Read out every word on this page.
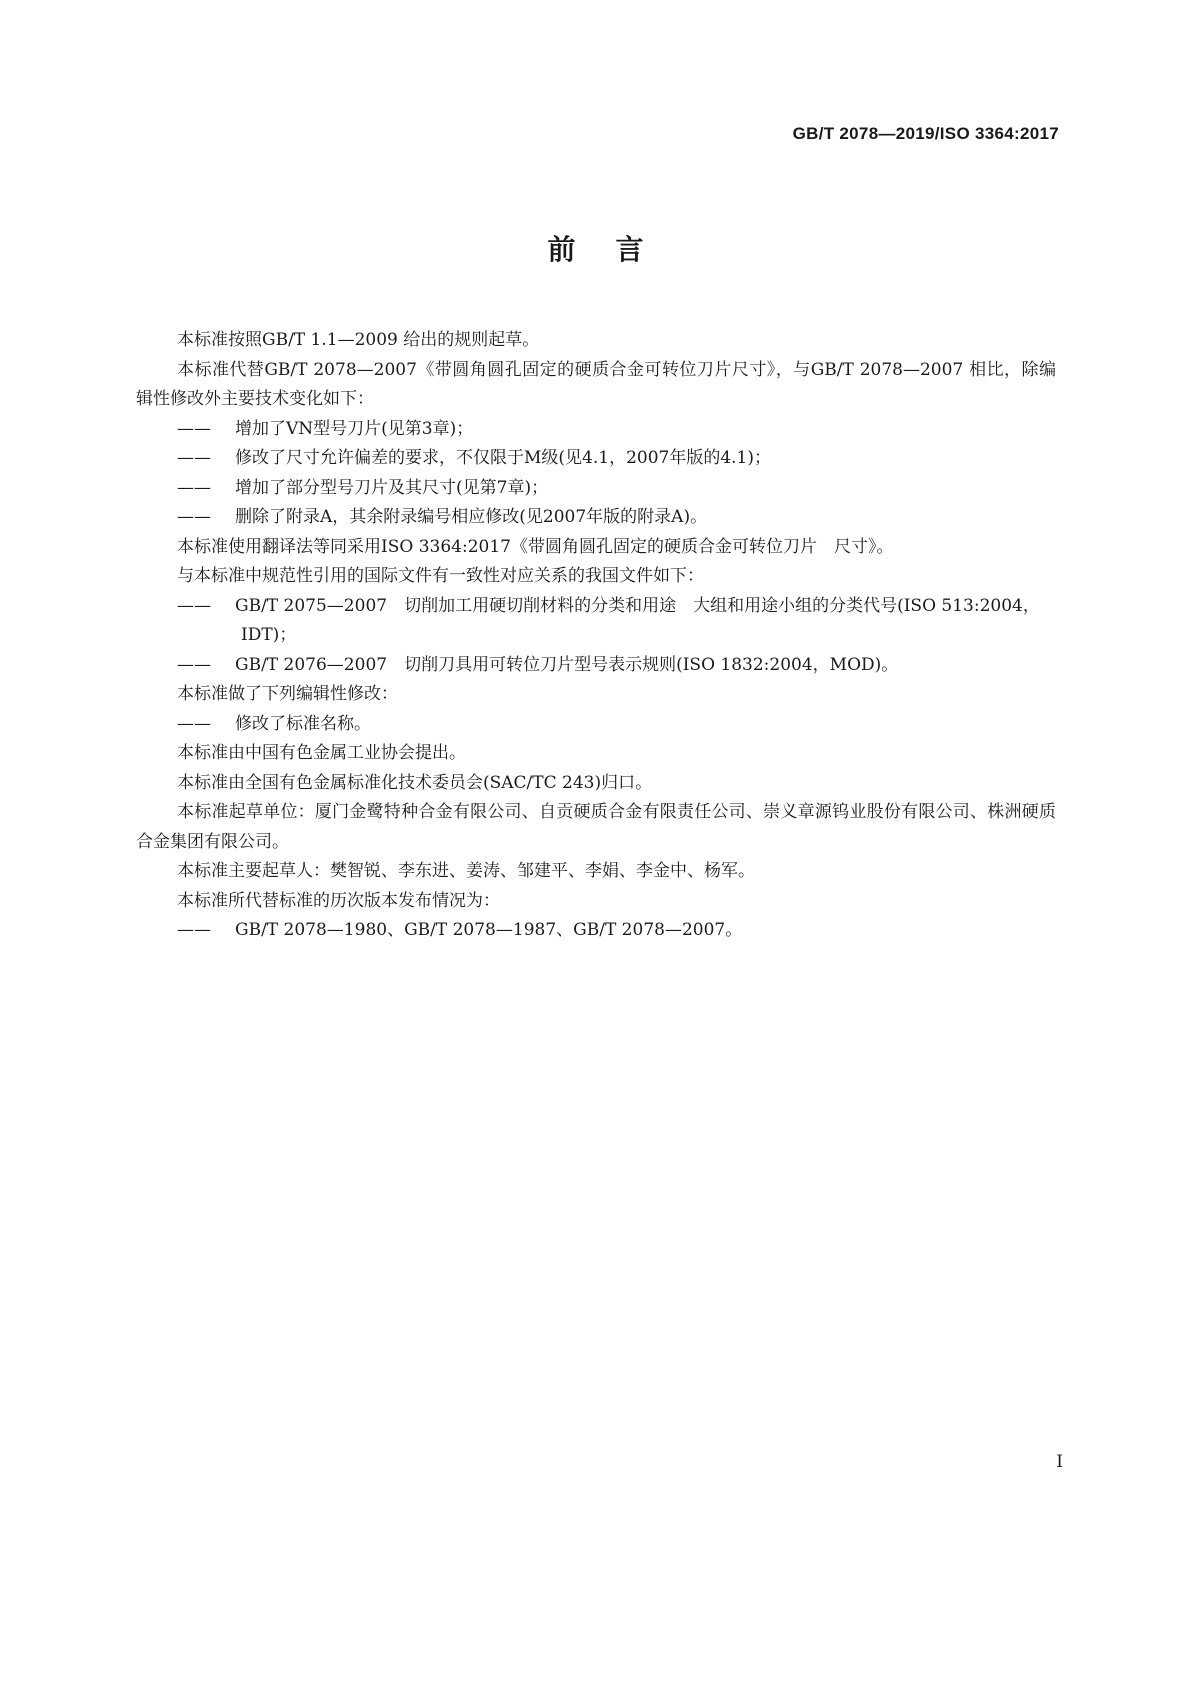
GB/T 2078—2019/ISO 3364:2017
前言

本标准按照GB/T 1.1—2009 给出的规则起草。

本标准代替GB/T 2078—2007《带圆角圆孔固定的硬质合金可转位刀片尺寸》，与GB/T 2078—2007 相比，除编辑性修改外主要技术变化如下：

—— 增加了VN型号刀片(见第3章)；

—— 修改了尺寸允许偏差的要求，不仅限于M级(见4.1，2007年版的4.1)；

—— 增加了部分型号刀片及其尺寸(见第7章)；

—— 删除了附录A，其余附录编号相应修改(见2007年版的附录A)。

本标准使用翻译法等同采用ISO 3364:2017《带圆角圆孔固定的硬质合金可转位刀片　尺寸》。

与本标准中规范性引用的国际文件有一致性对应关系的我国文件如下：

—— GB/T 2075—2007　切削加工用硬切削材料的分类和用途　大组和用途小组的分类代号(ISO 513:2004，IDT)；

—— GB/T 2076—2007　切削刀具用可转位刀片型号表示规则(ISO 1832:2004，MOD)。

本标准做了下列编辑性修改：

—— 修改了标准名称。

本标准由中国有色金属工业协会提出。

本标准由全国有色金属标准化技术委员会(SAC/TC 243)归口。

本标准起草单位：厦门金鹭特种合金有限公司、自贡硬质合金有限责任公司、崇义章源钨业股份有限公司、株洲硬质合金集团有限公司。

本标准主要起草人：樊智锐、李东进、姜涛、邹建平、李娟、李金中、杨军。

本标准所代替标准的历次版本发布情况为：

—— GB/T 2078—1980、GB/T 2078—1987、GB/T 2078—2007。

I
